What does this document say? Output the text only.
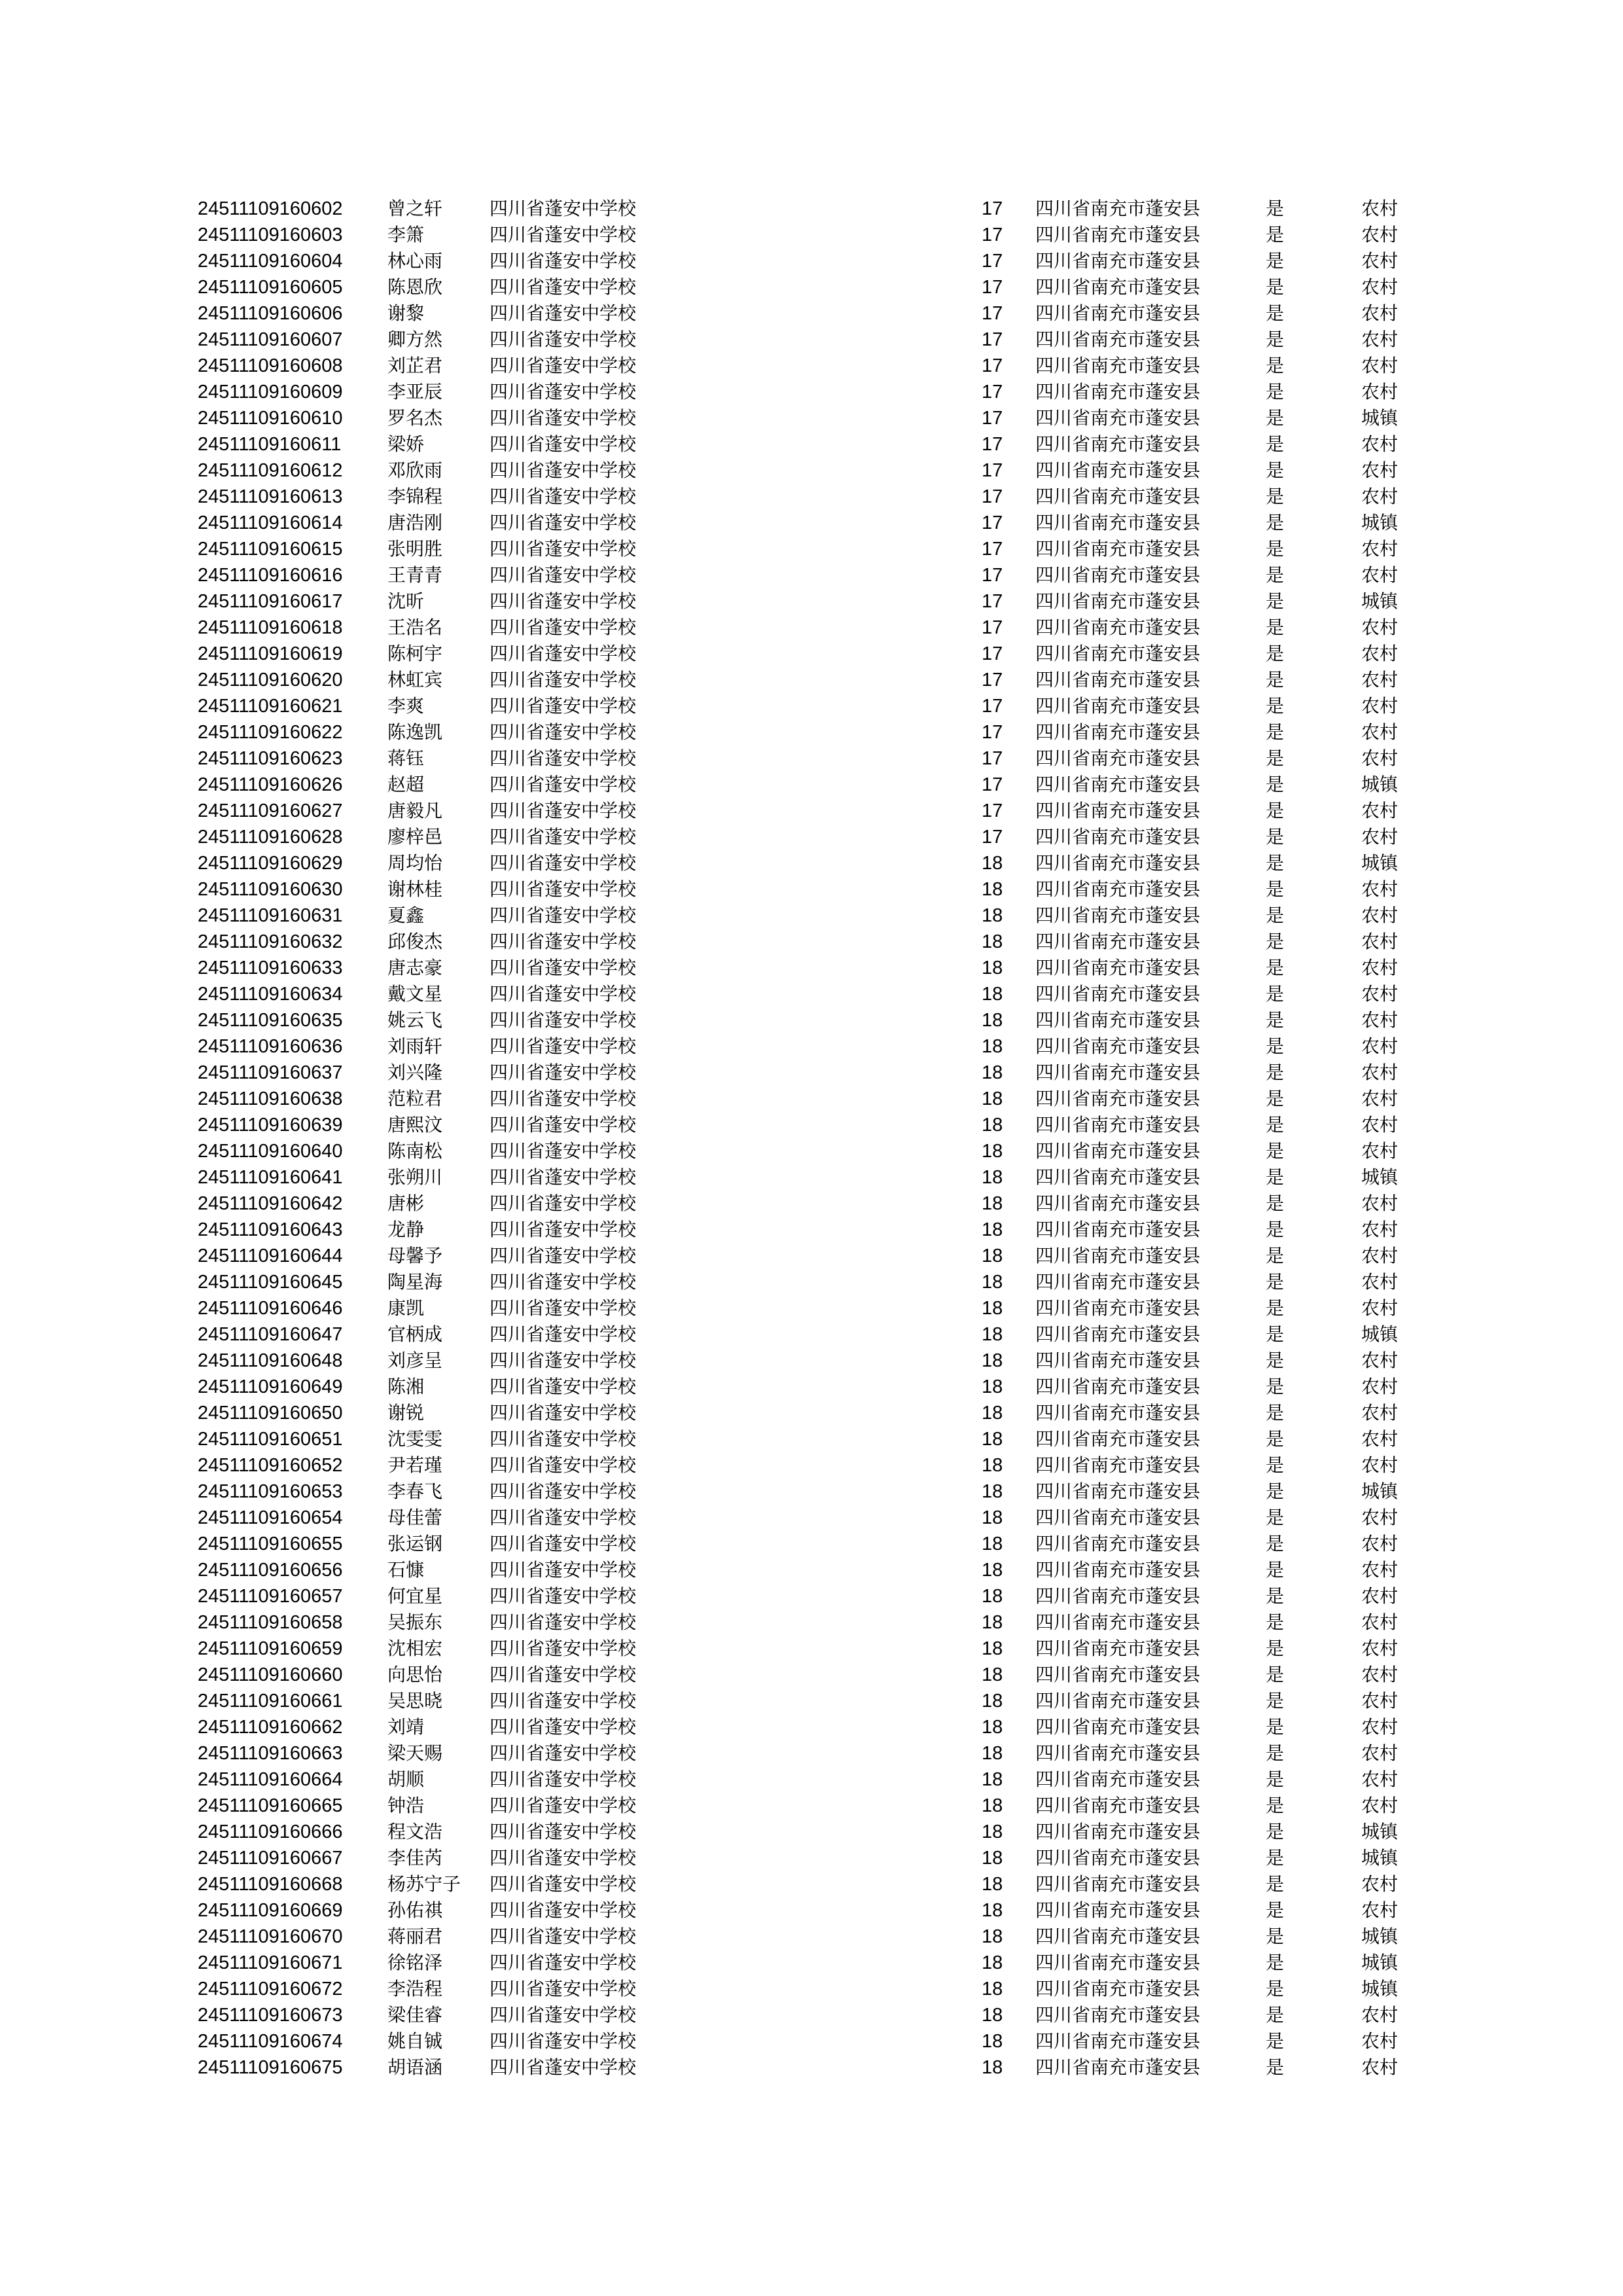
24511109160602 曾之轩	四川省蓬安中学校	17 四川省南充市蓬安县	是	农村
24511109160603 李箫	四川省蓬安中学校	17 四川省南充市蓬安县	是	农村
24511109160604 林心雨	四川省蓬安中学校	17 四川省南充市蓬安县	是	农村
24511109160605 陈恩欣	四川省蓬安中学校	17 四川省南充市蓬安县	是	农村
24511109160606 谢黎	四川省蓬安中学校	17 四川省南充市蓬安县	是	农村
24511109160607 卿方然	四川省蓬安中学校	17 四川省南充市蓬安县	是	农村
24511109160608 刘芷君	四川省蓬安中学校	17 四川省南充市蓬安县	是	农村
24511109160609 李亚辰	四川省蓬安中学校	17 四川省南充市蓬安县	是	农村
24511109160610 罗名杰	四川省蓬安中学校	17 四川省南充市蓬安县	是	城镇
24511109160611	梁娇	四川省蓬安中学校	17 四川省南充市蓬安县	是	农村
24511109160612 邓欣雨	四川省蓬安中学校	17 四川省南充市蓬安县	是	农村
24511109160613 李锦程	四川省蓬安中学校	17 四川省南充市蓬安县	是	农村
24511109160614 唐浩刚	四川省蓬安中学校	17 四川省南充市蓬安县	是	城镇
24511109160615 张明胜	四川省蓬安中学校	17 四川省南充市蓬安县	是	农村
24511109160616 王青青	四川省蓬安中学校	17 四川省南充市蓬安县	是	农村
24511109160617 沈昕	四川省蓬安中学校	17 四川省南充市蓬安县	是	城镇
24511109160618 王浩名	四川省蓬安中学校	17 四川省南充市蓬安县	是	农村
24511109160619 陈柯宇	四川省蓬安中学校	17 四川省南充市蓬安县	是	农村
24511109160620 林虹宾	四川省蓬安中学校	17 四川省南充市蓬安县	是	农村
24511109160621 李爽	四川省蓬安中学校	17 四川省南充市蓬安县	是	农村
24511109160622 陈逸凯	四川省蓬安中学校	17 四川省南充市蓬安县	是	农村
24511109160623 蒋钰	四川省蓬安中学校	17 四川省南充市蓬安县	是	农村
24511109160626 赵超	四川省蓬安中学校	17 四川省南充市蓬安县	是	城镇
24511109160627 唐毅凡	四川省蓬安中学校	17 四川省南充市蓬安县	是	农村
24511109160628 廖梓邑	四川省蓬安中学校	17 四川省南充市蓬安县	是	农村
24511109160629 周均怡	四川省蓬安中学校	18 四川省南充市蓬安县	是	城镇
24511109160630 谢林桂	四川省蓬安中学校	18 四川省南充市蓬安县	是	农村
24511109160631 夏鑫	四川省蓬安中学校	18 四川省南充市蓬安县	是	农村
24511109160632 邱俊杰	四川省蓬安中学校	18 四川省南充市蓬安县	是	农村
24511109160633 唐志豪	四川省蓬安中学校	18 四川省南充市蓬安县	是	农村
24511109160634 戴文星	四川省蓬安中学校	18 四川省南充市蓬安县	是	农村
24511109160635 姚云飞	四川省蓬安中学校	18 四川省南充市蓬安县	是	农村
24511109160636 刘雨轩	四川省蓬安中学校	18 四川省南充市蓬安县	是	农村
24511109160637 刘兴隆	四川省蓬安中学校	18 四川省南充市蓬安县	是	农村
24511109160638 范粒君	四川省蓬安中学校	18 四川省南充市蓬安县	是	农村
24511109160639 唐熙汶	四川省蓬安中学校	18 四川省南充市蓬安县	是	农村
24511109160640 陈南松	四川省蓬安中学校	18 四川省南充市蓬安县	是	农村
24511109160641 张朔川	四川省蓬安中学校	18 四川省南充市蓬安县	是	城镇
24511109160642 唐彬	四川省蓬安中学校	18 四川省南充市蓬安县	是	农村
24511109160643 龙静	四川省蓬安中学校	18 四川省南充市蓬安县	是	农村
24511109160644 母馨予	四川省蓬安中学校	18 四川省南充市蓬安县	是	农村
24511109160645 陶星海	四川省蓬安中学校	18 四川省南充市蓬安县	是	农村
24511109160646 康凯	四川省蓬安中学校	18 四川省南充市蓬安县	是	农村
24511109160647 官柄成	四川省蓬安中学校	18 四川省南充市蓬安县	是	城镇
24511109160648 刘彦呈	四川省蓬安中学校	18 四川省南充市蓬安县	是	农村
24511109160649 陈湘	四川省蓬安中学校	18 四川省南充市蓬安县	是	农村
24511109160650 谢锐	四川省蓬安中学校	18 四川省南充市蓬安县	是	农村
24511109160651 沈雯雯	四川省蓬安中学校	18 四川省南充市蓬安县	是	农村
24511109160652 尹若瑾	四川省蓬安中学校	18 四川省南充市蓬安县	是	农村
24511109160653 李春飞	四川省蓬安中学校	18 四川省南充市蓬安县	是	城镇
24511109160654 母佳蕾	四川省蓬安中学校	18 四川省南充市蓬安县	是	农村
24511109160655 张运钢	四川省蓬安中学校	18 四川省南充市蓬安县	是	农村
24511109160656 石慷	四川省蓬安中学校	18 四川省南充市蓬安县	是	农村
24511109160657 何宜星	四川省蓬安中学校	18 四川省南充市蓬安县	是	农村
24511109160658 吴振东	四川省蓬安中学校	18 四川省南充市蓬安县	是	农村
24511109160659 沈相宏	四川省蓬安中学校	18 四川省南充市蓬安县	是	农村
24511109160660 向思怡	四川省蓬安中学校	18 四川省南充市蓬安县	是	农村
24511109160661 吴思晓	四川省蓬安中学校	18 四川省南充市蓬安县	是	农村
24511109160662 刘靖	四川省蓬安中学校	18 四川省南充市蓬安县	是	农村
24511109160663 梁天赐	四川省蓬安中学校	18 四川省南充市蓬安县	是	农村
24511109160664 胡顺	四川省蓬安中学校	18 四川省南充市蓬安县	是	农村
24511109160665 钟浩	四川省蓬安中学校	18 四川省南充市蓬安县	是	农村
24511109160666 程文浩	四川省蓬安中学校	18 四川省南充市蓬安县	是	城镇
24511109160667 李佳芮	四川省蓬安中学校	18 四川省南充市蓬安县	是	城镇
24511109160668 杨苏宁子 四川省蓬安中学校	18 四川省南充市蓬安县	是	农村
24511109160669 孙佑祺	四川省蓬安中学校	18 四川省南充市蓬安县	是	农村
24511109160670 蒋丽君	四川省蓬安中学校	18 四川省南充市蓬安县	是	城镇
24511109160671 徐铭泽	四川省蓬安中学校	18 四川省南充市蓬安县	是	城镇
24511109160672 李浩程	四川省蓬安中学校	18 四川省南充市蓬安县	是	城镇
24511109160673 梁佳睿	四川省蓬安中学校	18 四川省南充市蓬安县	是	农村
24511109160674 姚自铖	四川省蓬安中学校	18 四川省南充市蓬安县	是	农村
24511109160675 胡语涵	四川省蓬安中学校	18 四川省南充市蓬安县	是	农村
